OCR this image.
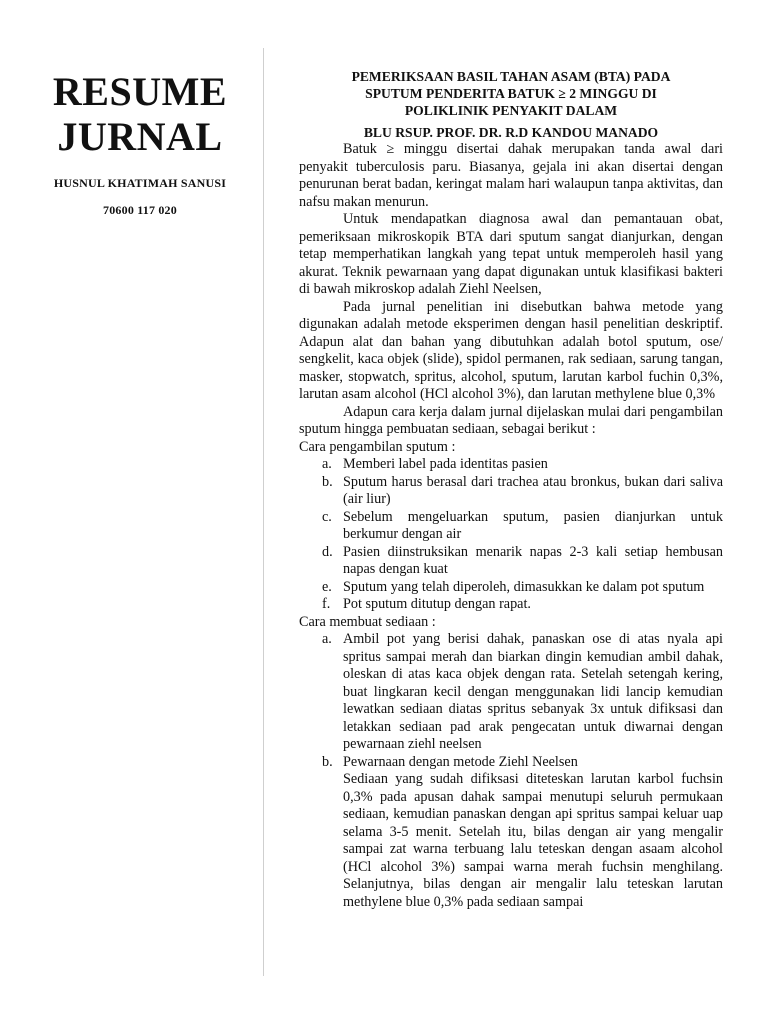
RESUME
JURNAL
HUSNUL KHATIMAH SANUSI
70600 117 020
PEMERIKSAAN BASIL TAHAN ASAM (BTA) PADA
SPUTUM PENDERITA BATUK ≥ 2 MINGGU DI
POLIKLINIK PENYAKIT DALAM
BLU RSUP. PROF. DR. R.D KANDOU MANADO

Batuk ≥ minggu disertai dahak merupakan tanda awal dari penyakit tuberculosis paru. Biasanya, gejala ini akan disertai dengan penurunan berat badan, keringat malam hari walaupun tanpa aktivitas, dan nafsu makan menurun.

Untuk mendapatkan diagnosa awal dan pemantauan obat, pemeriksaan mikroskopik BTA dari sputum sangat dianjurkan, dengan tetap memperhatikan langkah yang tepat untuk memperoleh hasil yang akurat. Teknik pewarnaan yang dapat digunakan untuk klasifikasi bakteri di bawah mikroskop adalah Ziehl Neelsen,

Pada jurnal penelitian ini disebutkan bahwa metode yang digunakan adalah metode eksperimen dengan hasil penelitian deskriptif. Adapun alat dan bahan yang dibutuhkan adalah botol sputum, ose/ sengkelit, kaca objek (slide), spidol permanen, rak sediaan, sarung tangan, masker, stopwatch, spritus, alcohol, sputum, larutan karbol fuchin 0,3%, larutan asam alcohol (HCl alcohol 3%), dan larutan methylene blue 0,3%

Adapun cara kerja dalam jurnal dijelaskan mulai dari pengambilan sputum hingga pembuatan sediaan, sebagai berikut :

Cara pengambilan sputum :
a. Memberi label pada identitas pasien
b. Sputum harus berasal dari trachea atau bronkus, bukan dari saliva (air liur)
c. Sebelum mengeluarkan sputum, pasien dianjurkan untuk berkumur dengan air
d. Pasien diinstruksikan menarik napas 2-3 kali setiap hembusan napas dengan kuat
e. Sputum yang telah diperoleh, dimasukkan ke dalam pot sputum
f. Pot sputum ditutup dengan rapat.
Cara membuat sediaan :
a. Ambil pot yang berisi dahak, panaskan ose di atas nyala api spritus sampai merah dan biarkan dingin kemudian ambil dahak, oleskan di atas kaca objek dengan rata. Setelah setengah kering, buat lingkaran kecil dengan menggunakan lidi lancip kemudian lewatkan sediaan diatas spritus sebanyak 3x untuk difiksasi dan letakkan sediaan pad arak pengecatan untuk diwarnai dengan pewarnaan ziehl neelsen
b. Pewarnaan dengan metode Ziehl Neelsen
Sediaan yang sudah difiksasi diteteskan larutan karbol fuchsin 0,3% pada apusan dahak sampai menutupi seluruh permukaan sediaan, kemudian panaskan dengan api spritus sampai keluar uap selama 3-5 menit. Setelah itu, bilas dengan air yang mengalir sampai zat warna terbuang lalu teteskan dengan asaam alcohol (HCl alcohol 3%) sampai warna merah fuchsin menghilang. Selanjutnya, bilas dengan air mengalir lalu teteskan larutan methylene blue 0,3% pada sediaan sampai
